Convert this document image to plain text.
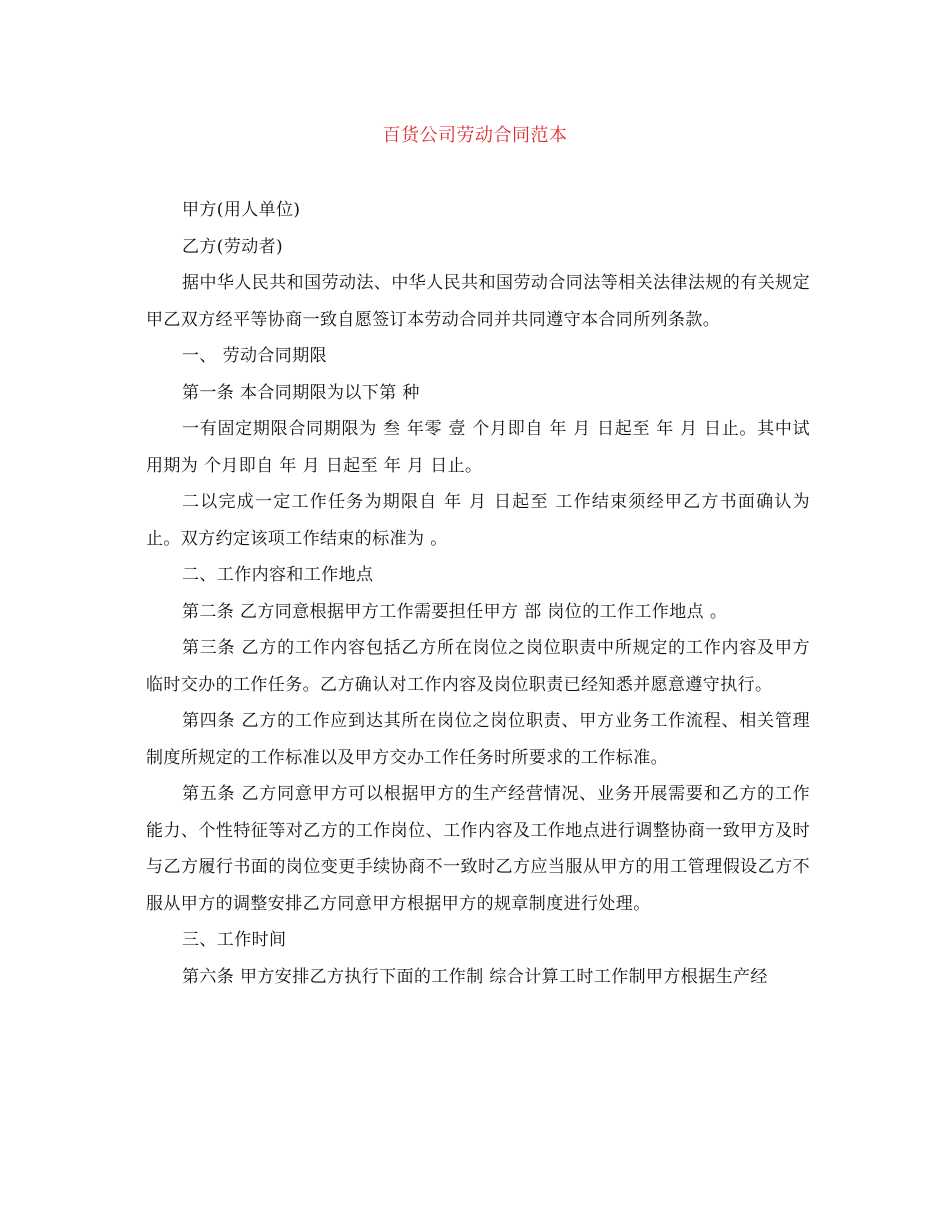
百货公司劳动合同范本

甲方(用人单位)

乙方(劳动者)

据中华人民共和国劳动法、中华人民共和国劳动合同法等相关法律法规的有关规定甲乙双方经平等协商一致自愿签订本劳动合同并共同遵守本合同所列条款。

一、 劳动合同期限

第一条 本合同期限为以下第 种

一有固定期限合同期限为 叁 年零 壹 个月即自 年 月 日起至 年 月 日止。其中试用期为 个月即自 年 月 日起至 年 月 日止。

二以完成一定工作任务为期限自 年 月 日起至 工作结束须经甲乙方书面确认为止。双方约定该项工作结束的标准为 。

二、工作内容和工作地点

第二条 乙方同意根据甲方工作需要担任甲方 部 岗位的工作工作地点 。

第三条 乙方的工作内容包括乙方所在岗位之岗位职责中所规定的工作内容及甲方临时交办的工作任务。乙方确认对工作内容及岗位职责已经知悉并愿意遵守执行。

第四条 乙方的工作应到达其所在岗位之岗位职责、甲方业务工作流程、相关管理制度所规定的工作标准以及甲方交办工作任务时所要求的工作标准。

第五条 乙方同意甲方可以根据甲方的生产经营情况、业务开展需要和乙方的工作能力、个性特征等对乙方的工作岗位、工作内容及工作地点进行调整协商一致甲方及时与乙方履行书面的岗位变更手续协商不一致时乙方应当服从甲方的用工管理假设乙方不服从甲方的调整安排乙方同意甲方根据甲方的规章制度进行处理。

三、工作时间

第六条 甲方安排乙方执行下面的工作制 综合计算工时工作制甲方根据生产经
